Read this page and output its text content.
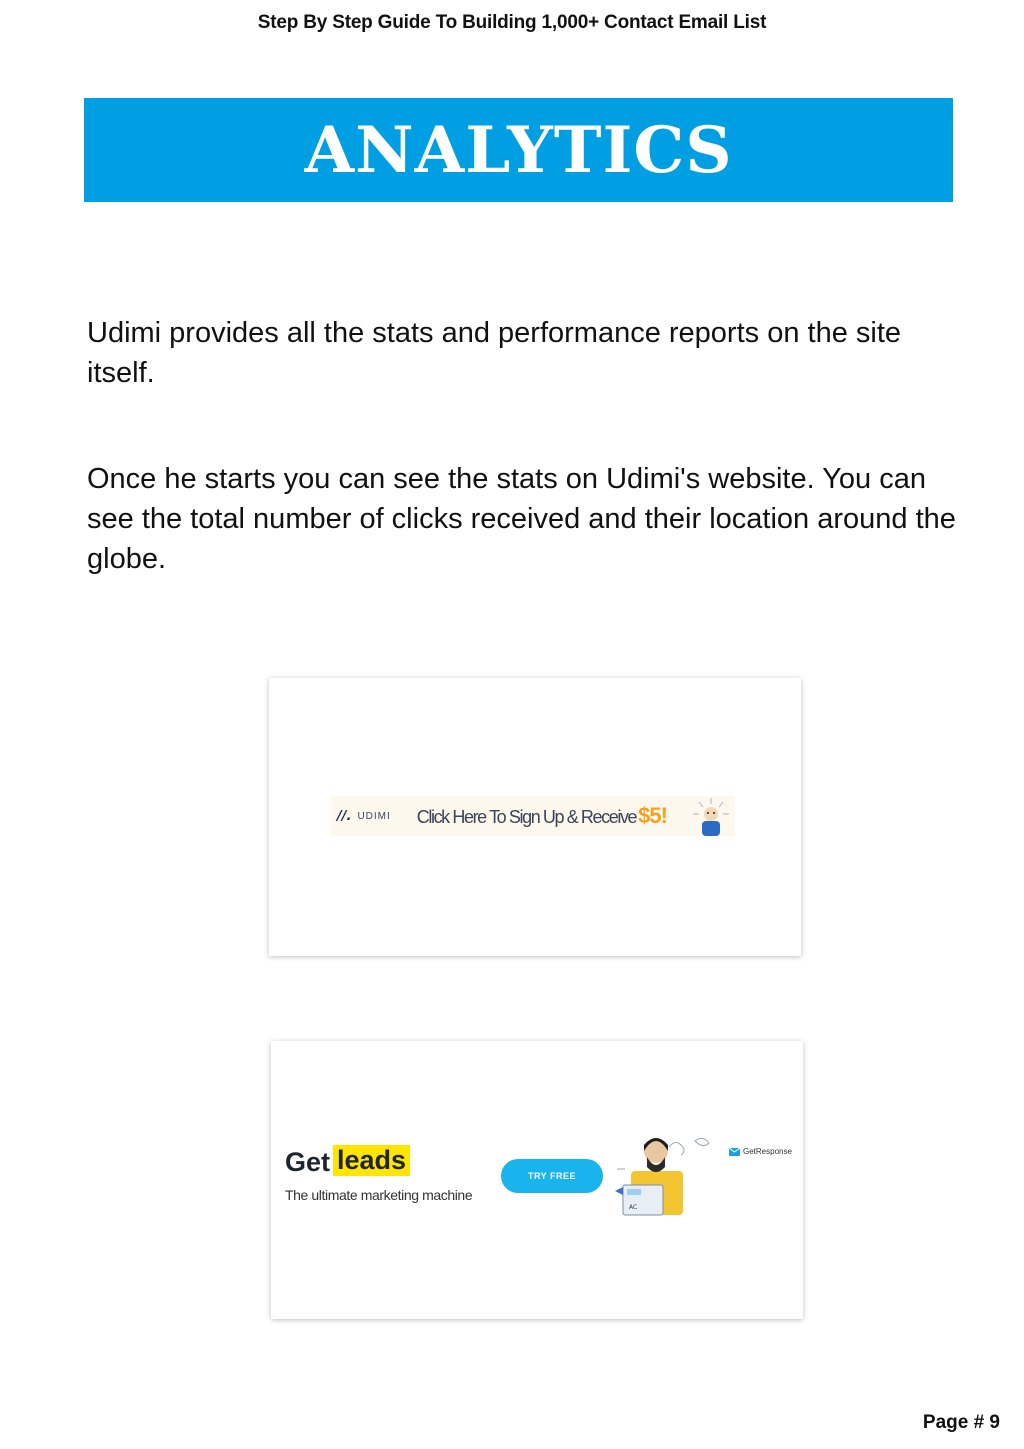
Step By Step Guide To Building 1,000+ Contact Email List
ANALYTICS

Udimi provides all the stats and performance reports on the site itself.

Once he starts you can see the stats on Udimi's website. You can see the total number of clicks received and their location around the globe.

//. UDIMI Click Here To Sign Up & Receive$5!
Get leads
The ultimate marketing machine
TRY FREE
AC
GetResponse
Page # 9
